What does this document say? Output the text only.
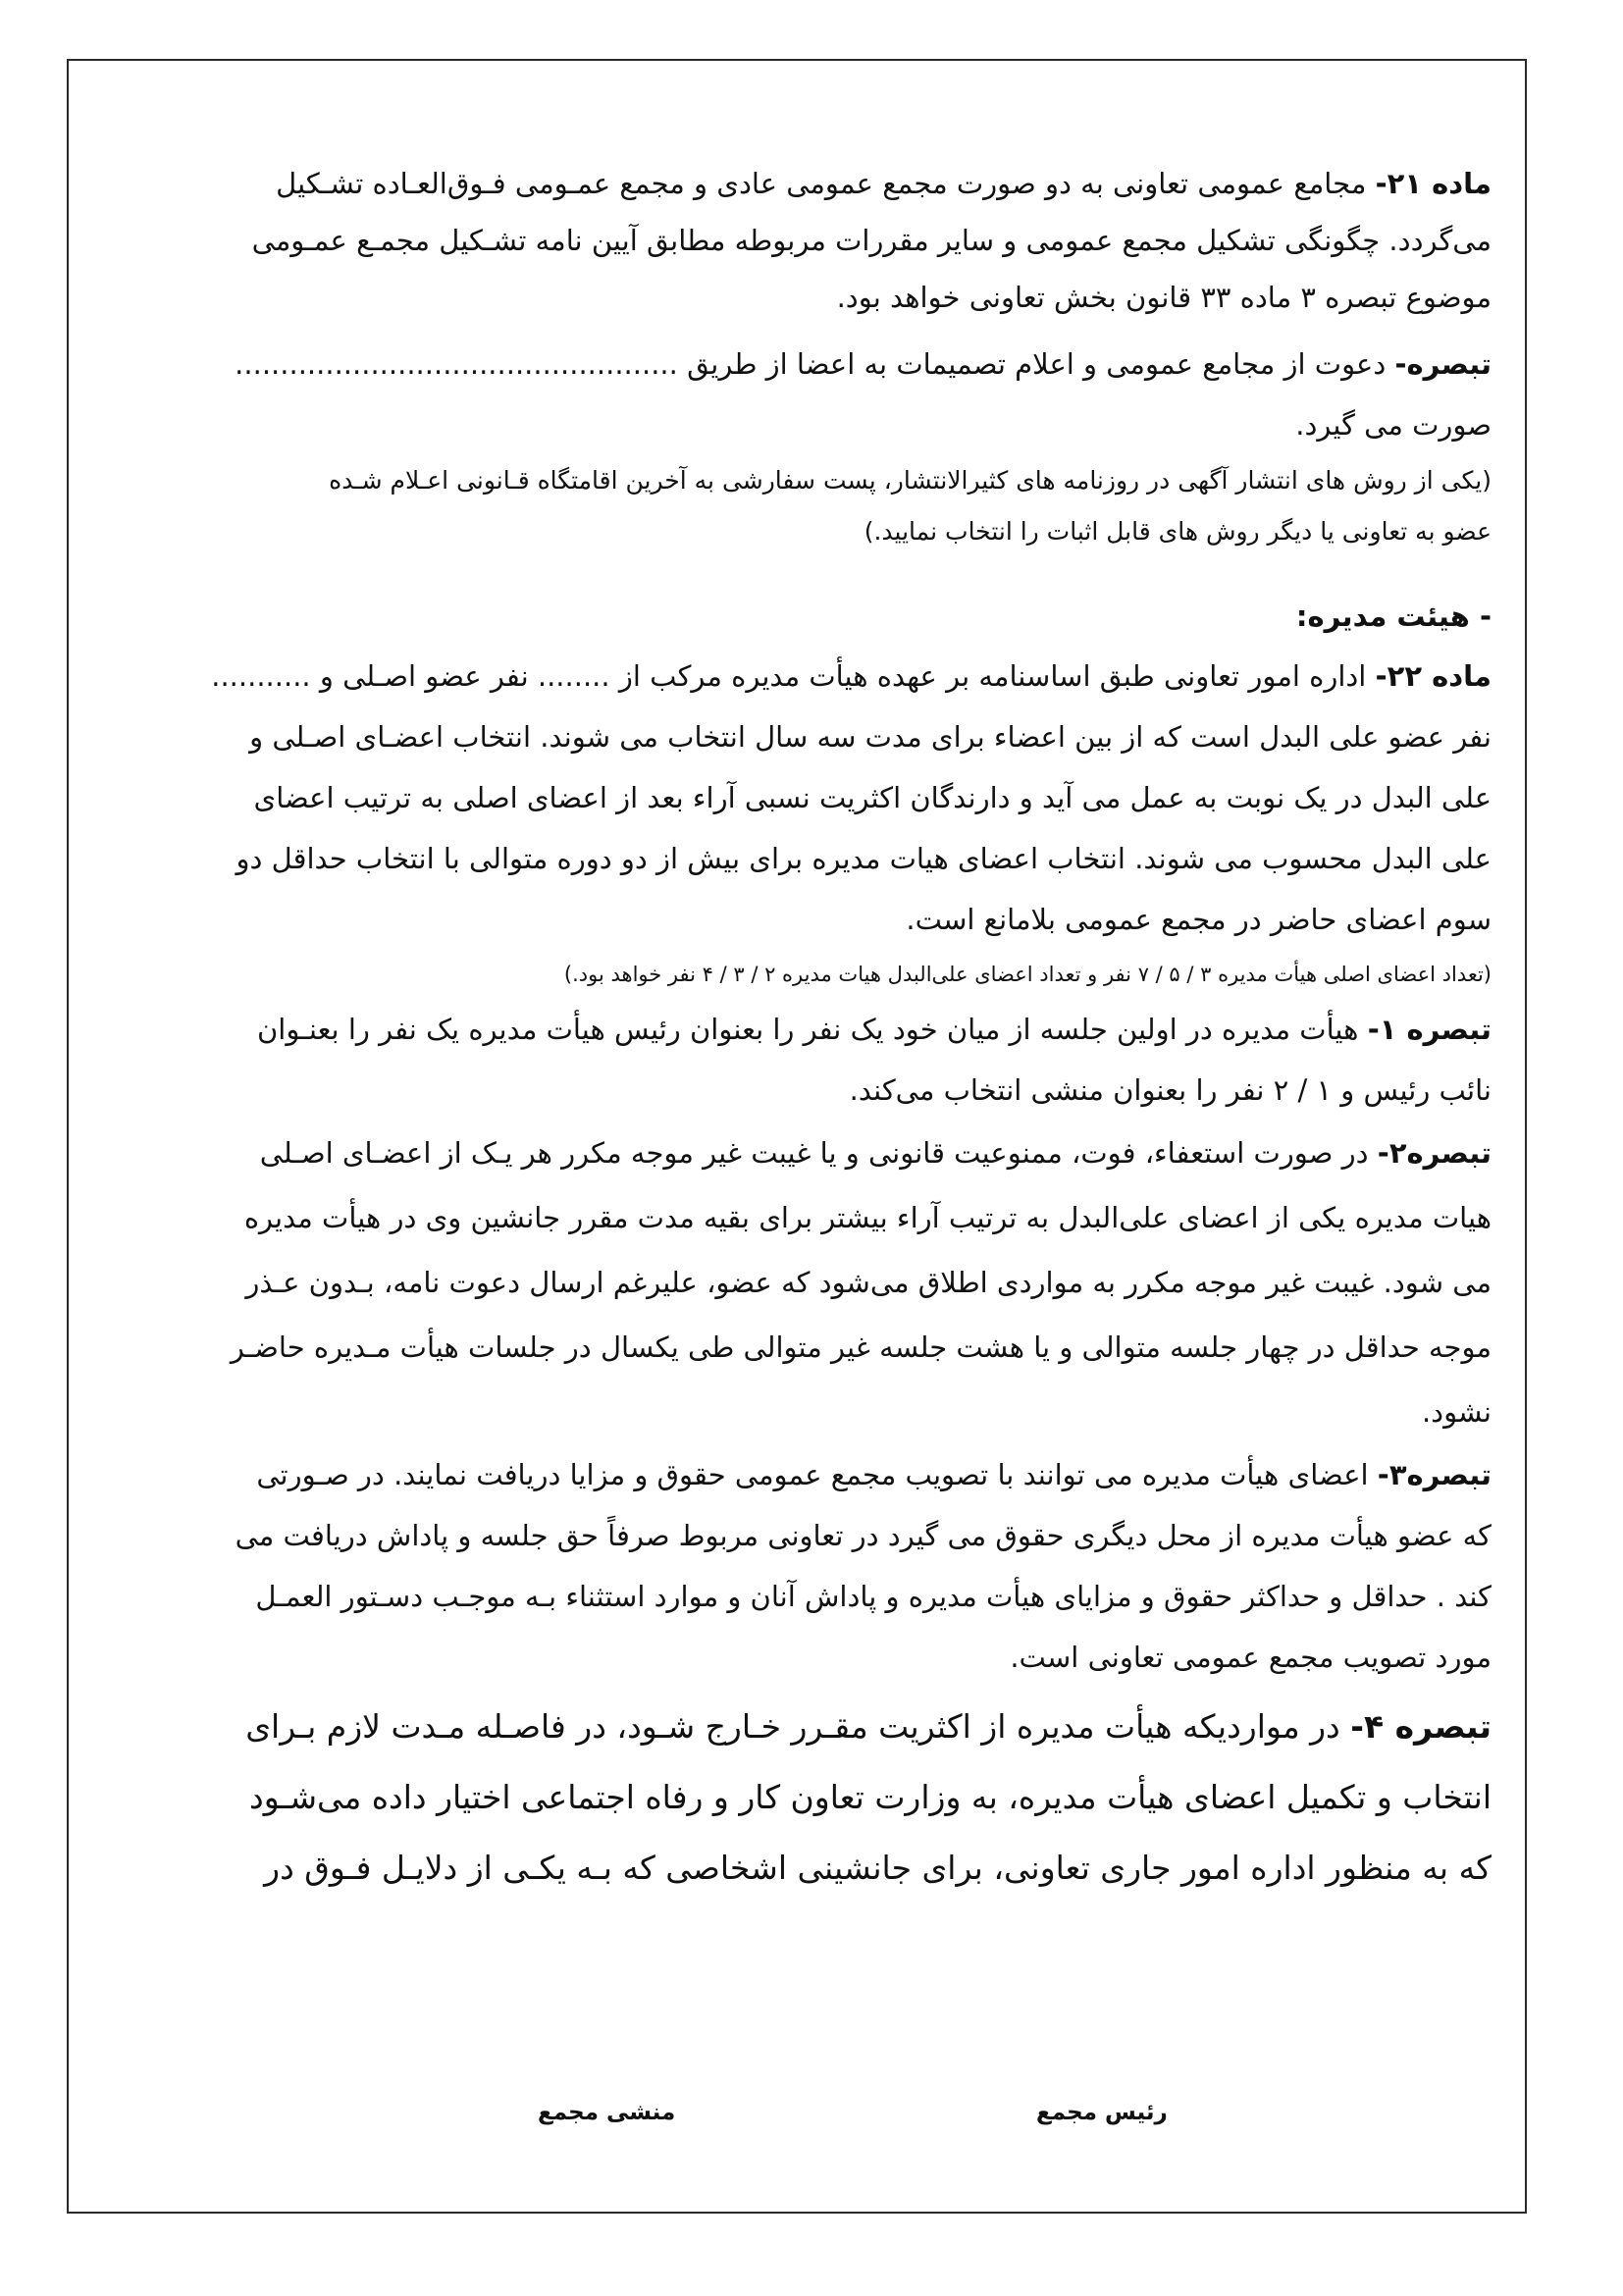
ماده ۲۱- مجامع عمومی تعاونی به دو صورت مجمع عمومی عادی و مجمع عمـومی فـوق‌العـاده تشـکیل
می‌گردد. چگونگی تشکیل مجمع عمومی و سایر مقررات مربوطه مطابق آیین نامه تشـکیل مجمـع عمـومی
موضوع تبصره ۳ ماده ۳۳ قانون بخش تعاونی خواهد بود.
تبصره- دعوت از مجامع عمومی و اعلام تصمیمات به اعضا از طریق .................................................
صورت می گیرد.
(یکی از روش های انتشار آگهی در روزنامه های کثیرالانتشار، پست سفارشی به آخرین اقامتگاه قـانونی اعـلام شـده
عضو به تعاونی یا دیگر روش های قابل اثبات را انتخاب نمایید.)
- هیئت مدیره:
ماده ۲۲- اداره امور تعاونی طبق اساسنامه بر عهده هیأت مدیره مرکب از ........ نفر عضو اصـلی و ...........
نفر عضو علی البدل است که از بین اعضاء برای مدت سه سال انتخاب می شوند. انتخاب اعضـای اصـلی و
علی البدل در یک نوبت به عمل می آید و دارندگان اکثریت نسبی آراء بعد از اعضای اصلی به ترتیب اعضای
علی البدل محسوب می شوند. انتخاب اعضای هیات مدیره برای بیش از دو دوره متوالی با انتخاب حداقل دو
سوم اعضای حاضر در مجمع عمومی بلامانع است.
(تعداد اعضای اصلی هیأت مدیره ۳ / ۵ / ۷ نفر و تعداد اعضای علی‌البدل هیات مدیره ۲ / ۳ / ۴ نفر خواهد بود.)
تبصره ۱- هیأت مدیره در اولین جلسه از میان خود یک نفر را بعنوان رئیس هیأت مدیره یک نفر را بعنـوان
نائب رئیس و ۱ / ۲ نفر را بعنوان منشی انتخاب می‌کند.
تبصره۲- در صورت استعفاء، فوت، ممنوعیت قانونی و یا غیبت غیر موجه مکرر هر یـک از اعضـای اصـلی
هیات مدیره یکی از اعضای علی‌البدل به ترتیب آراء بیشتر برای بقیه مدت مقرر جانشین وی در هیأت مدیره
می شود. غیبت غیر موجه مکرر به مواردی اطلاق می‌شود که عضو، علیرغم ارسال دعوت نامه، بـدون عـذر
موجه حداقل در چهار جلسه متوالی و یا هشت جلسه غیر متوالی طی یکسال در جلسات هیأت مـدیره حاضـر
نشود.
تبصره۳- اعضای هیأت مدیره می توانند با تصویب مجمع عمومی حقوق و مزایا دریافت نمایند. در صـورتی
که عضو هیأت مدیره از محل دیگری حقوق می گیرد در تعاونی مربوط صرفاً حق جلسه و پاداش دریافت می
کند . حداقل و حداکثر حقوق و مزایای هیأت مدیره و پاداش آنان و موارد استثناء بـه موجـب دسـتور العمـل
مورد تصویب مجمع عمومی تعاونی است.
تبصره ۴- در مواردیکه هیأت مدیره از اکثریت مقـرر خـارج شـود، در فاصـله مـدت لازم بـرای
انتخاب و تکمیل اعضای هیأت مدیره، به وزارت تعاون کار و رفاه اجتماعی اختیار داده می‌شـود
که به منظور اداره امور جاری تعاونی، برای جانشینی اشخاصی که بـه یکـی از دلایـل فـوق در
رئیس مجمع
منشی مجمع
